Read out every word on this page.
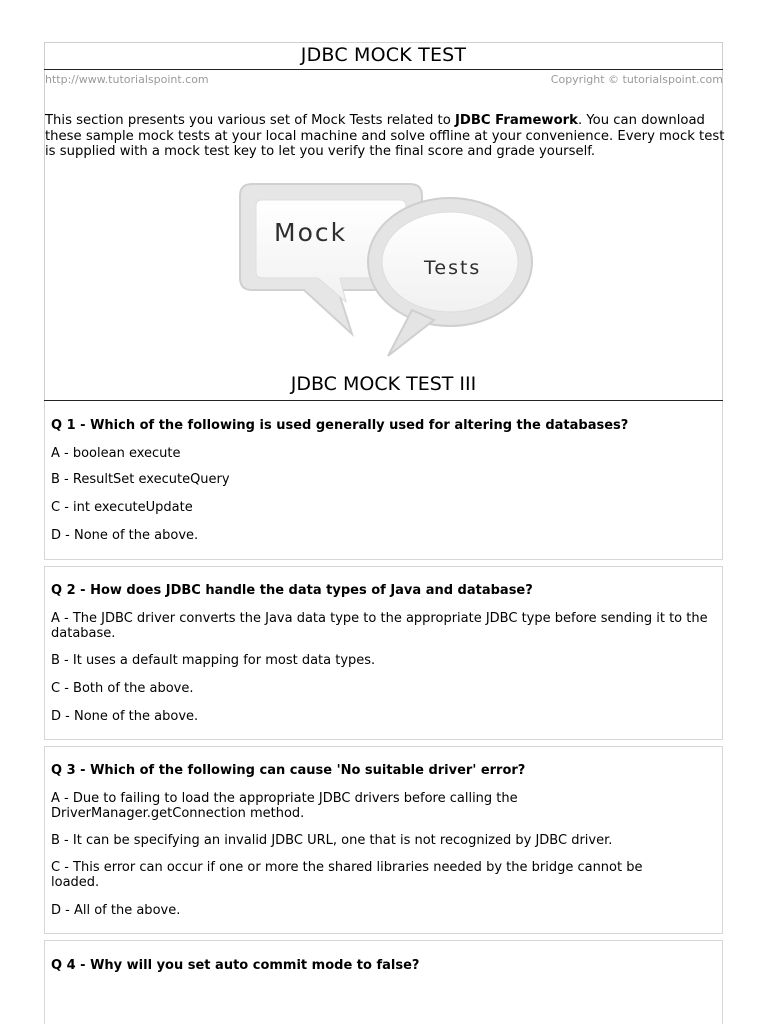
JDBC MOCK TEST
http://www.tutorialspoint.com	Copyright © tutorialspoint.com
This section presents you various set of Mock Tests related to JDBC Framework. You can download these sample mock tests at your local machine and solve offline at your convenience. Every mock test is supplied with a mock test key to let you verify the final score and grade yourself.
Mock
Tests
JDBC MOCK TEST III
Q 1 - Which of the following is used generally used for altering the databases?
A - boolean execute
B - ResultSet executeQuery
C - int executeUpdate
D - None of the above.
Q 2 - How does JDBC handle the data types of Java and database?
A - The JDBC driver converts the Java data type to the appropriate JDBC type before sending it to the database.
B - It uses a default mapping for most data types.
C - Both of the above.
D - None of the above.
Q 3 - Which of the following can cause 'No suitable driver' error?
A - Due to failing to load the appropriate JDBC drivers before calling the DriverManager.getConnection method.
B - It can be specifying an invalid JDBC URL, one that is not recognized by JDBC driver.
C - This error can occur if one or more the shared libraries needed by the bridge cannot be loaded.
D - All of the above.
Q 4 - Why will you set auto commit mode to false?
